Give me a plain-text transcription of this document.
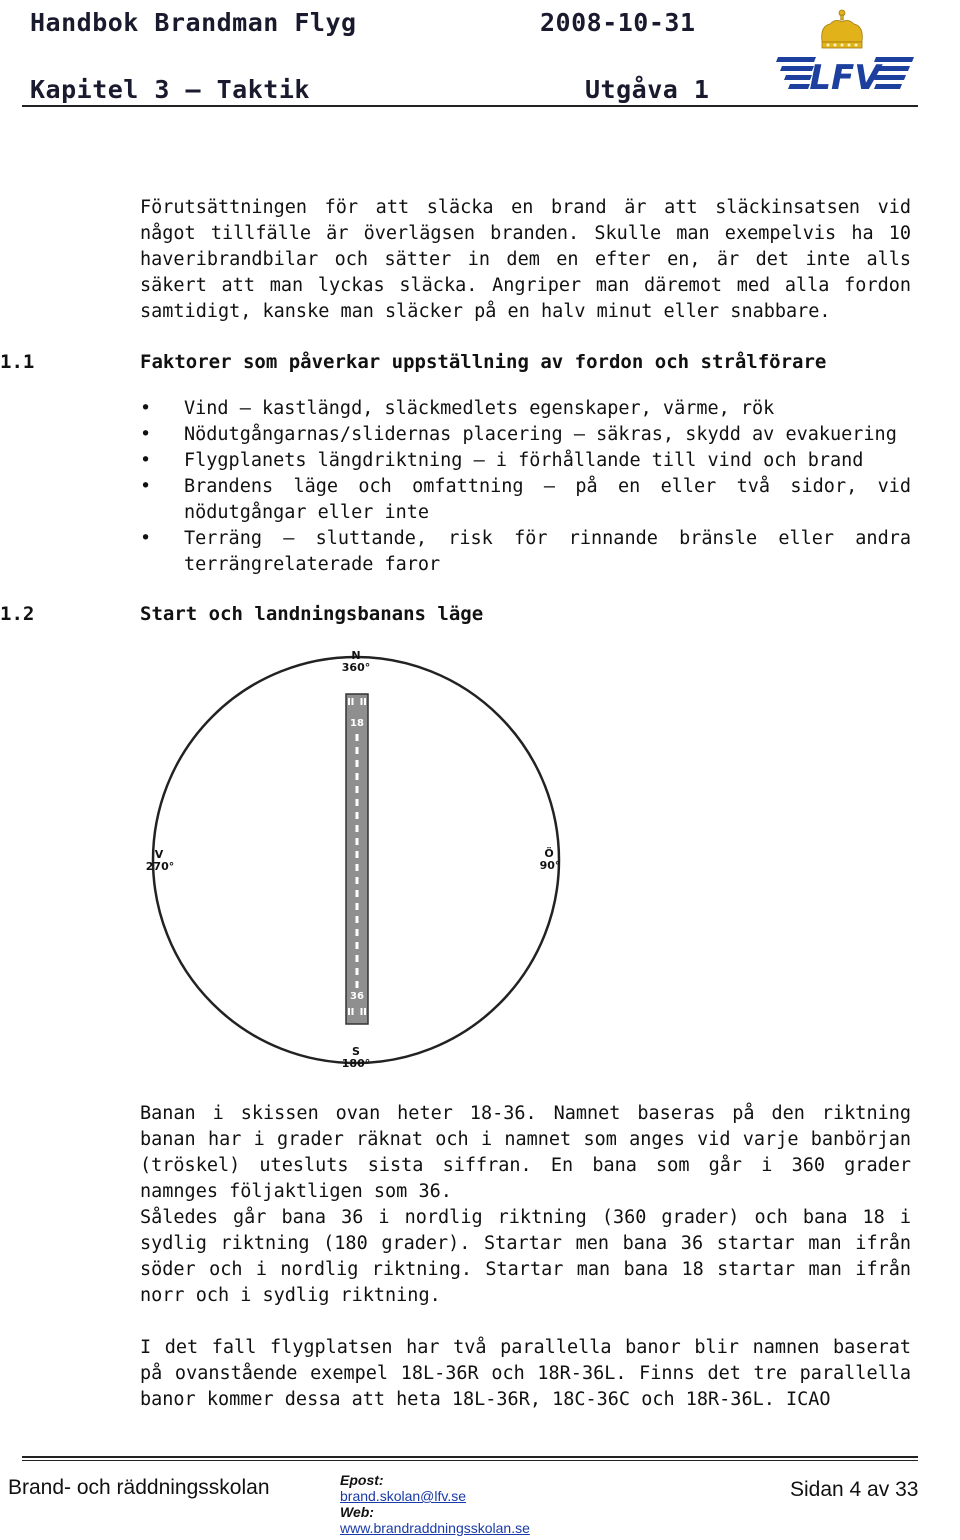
Handbok Brandman Flyg	2008-10-31
Kapitel 3 — Taktik	Utgåva 1	LFV
Förutsättningen för att släcka en brand är att släckinsatsen vid något tillfälle är överlägsen branden. Skulle man exempelvis ha 10 haveribrandbilar och sätter in dem en efter en, är det inte alls säkert att man lyckas släcka. Angriper man däremot med alla fordon samtidigt, kanske man släcker på en halv minut eller snabbare.
1.1	Faktorer som påverkar uppställning av fordon och strålförare
• Vind — kastlängd, släckmedlets egenskaper, värme, rök
• Nödutgångarnas/slidernas placering — säkras, skydd av evakuering
• Flygplanets längdriktning — i förhållande till vind och brand
• Brandens läge och omfattning — på en eller två sidor, vid nödutgångar eller inte
• Terräng — sluttande, risk för rinnande bränsle eller andra terrängrelaterade faror
1.2	Start och landningsbanans läge
N
360°
V
270°
Ö
90°
S
180°
18
36

Banan i skissen ovan heter 18-36. Namnet baseras på den riktning banan har i grader räknat och i namnet som anges vid varje banbörjan (tröskel) utesluts sista siffran. En bana som går i 360 grader namnges följaktligen som 36.

Således går bana 36 i nordlig riktning (360 grader) och bana 18 i sydlig riktning (180 grader). Startar men bana 36 startar man ifrån söder och i nordlig riktning. Startar man bana 18 startar man ifrån norr och i sydlig riktning.

I det fall flygplatsen har två parallella banor blir namnen baserat på ovanstående exempel 18L-36R och 18R-36L. Finns det tre parallella banor kommer dessa att heta 18L-36R, 18C-36C och 18R-36L. ICAO

Brand- och räddningsskolan	Epost:
brand.skolan@lfv.se
Web:
www.brandraddningsskolan.se
Sidan 4 av 33
